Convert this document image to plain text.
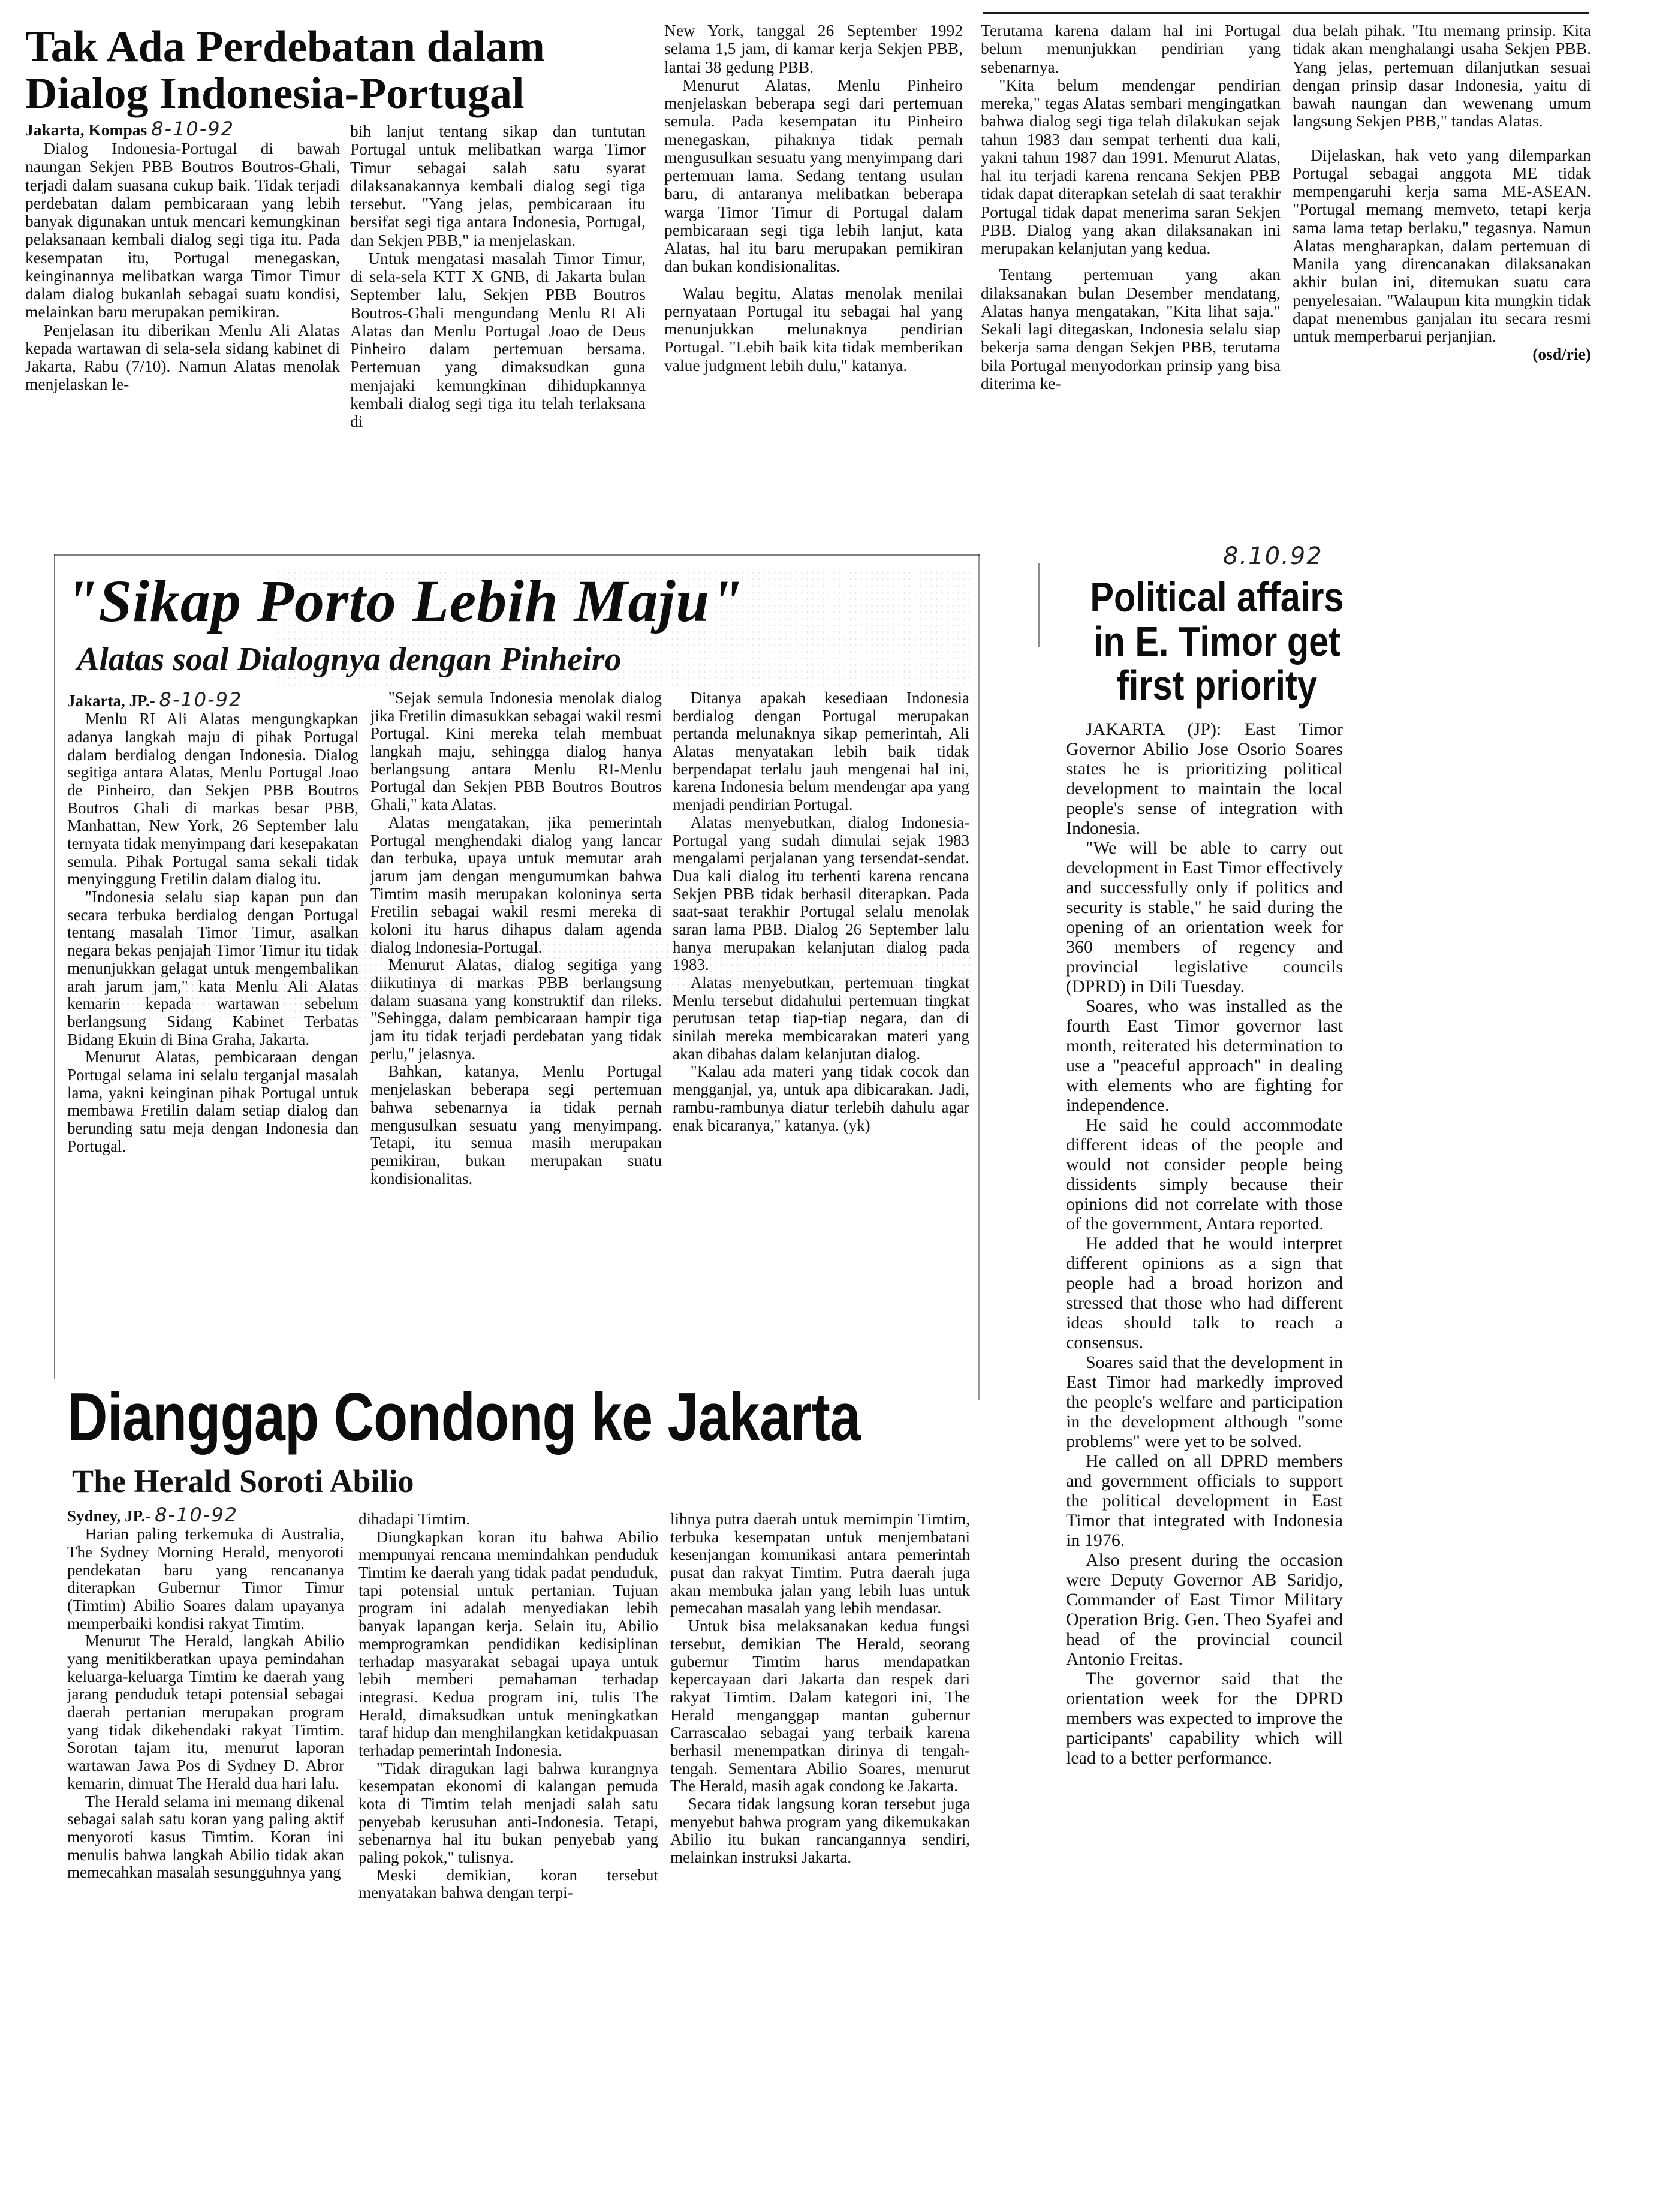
Tak Ada Perdebatan dalam
Dialog Indonesia-Portugal

Jakarta, Kompas 8-10-92

Dialog Indonesia-Portugal di bawah naungan Sekjen PBB Boutros Boutros-Ghali, terjadi dalam suasana cukup baik. Tidak terjadi perdebatan dalam pembicaraan yang lebih banyak digunakan untuk mencari kemungkinan pelaksanaan kembali dialog segi tiga itu. Pada kesempatan itu, Portugal menegaskan, keinginannya melibatkan warga Timor Timur dalam dialog bukanlah sebagai suatu kondisi, melainkan baru merupakan pemikiran.

Penjelasan itu diberikan Menlu Ali Alatas kepada wartawan di sela-sela sidang kabinet di Jakarta, Rabu (7/10). Namun Alatas menolak menjelaskan le-

bih lanjut tentang sikap dan tuntutan Portugal untuk melibatkan warga Timor Timur sebagai salah satu syarat dilaksanakannya kembali dialog segi tiga tersebut. "Yang jelas, pembicaraan itu bersifat segi tiga antara Indonesia, Portugal, dan Sekjen PBB," ia menjelaskan.

Untuk mengatasi masalah Timor Timur, di sela-sela KTT X GNB, di Jakarta bulan September lalu, Sekjen PBB Boutros Boutros-Ghali mengundang Menlu RI Ali Alatas dan Menlu Portugal Joao de Deus Pinheiro dalam pertemuan bersama. Pertemuan yang dimaksudkan guna menjajaki kemungkinan dihidupkannya kembali dialog segi tiga itu telah terlaksana di

New York, tanggal 26 September 1992 selama 1,5 jam, di kamar kerja Sekjen PBB, lantai 38 gedung PBB.

Menurut Alatas, Menlu Pinheiro menjelaskan beberapa segi dari pertemuan semula. Pada kesempatan itu Pinheiro menegaskan, pihaknya tidak pernah mengusulkan sesuatu yang menyimpang dari pertemuan lama. Sedang tentang usulan baru, di antaranya melibatkan beberapa warga Timor Timur di Portugal dalam pembicaraan segi tiga lebih lanjut, kata Alatas, hal itu baru merupakan pemikiran dan bukan kondisionalitas.

Walau begitu, Alatas menolak menilai pernyataan Portugal itu sebagai hal yang menunjukkan melunaknya pendirian Portugal. "Lebih baik kita tidak memberikan value judgment lebih dulu," katanya.

Terutama karena dalam hal ini Portugal belum menunjukkan pendirian yang sebenarnya.

"Kita belum mendengar pendirian mereka," tegas Alatas sembari mengingatkan bahwa dialog segi tiga telah dilakukan sejak tahun 1983 dan sempat terhenti dua kali, yakni tahun 1987 dan 1991. Menurut Alatas, hal itu terjadi karena rencana Sekjen PBB tidak dapat diterapkan setelah di saat terakhir Portugal tidak dapat menerima saran Sekjen PBB. Dialog yang akan dilaksanakan ini merupakan kelanjutan yang kedua.

Tentang pertemuan yang akan dilaksanakan bulan Desember mendatang, Alatas hanya mengatakan, "Kita lihat saja." Sekali lagi ditegaskan, Indonesia selalu siap bekerja sama dengan Sekjen PBB, terutama bila Portugal menyodorkan prinsip yang bisa diterima ke-

dua belah pihak. "Itu memang prinsip. Kita tidak akan menghalangi usaha Sekjen PBB. Yang jelas, pertemuan dilanjutkan sesuai dengan prinsip dasar Indonesia, yaitu di bawah naungan dan wewenang umum langsung Sekjen PBB," tandas Alatas.

Dijelaskan, hak veto yang dilemparkan Portugal sebagai anggota ME tidak mempengaruhi kerja sama ME-ASEAN. "Portugal memang memveto, tetapi kerja sama lama tetap berlaku," tegasnya. Namun Alatas mengharapkan, dalam pertemuan di Manila yang direncanakan dilaksanakan akhir bulan ini, ditemukan suatu cara penyelesaian. "Walaupun kita mungkin tidak dapat menembus ganjalan itu secara resmi untuk memperbarui perjanjian.

(osd/rie)
"Sikap Porto Lebih Maju"
Alatas soal Dialognya dengan Pinheiro

Jakarta, JP.- 8-10-92

Menlu RI Ali Alatas mengungkapkan adanya langkah maju di pihak Portugal dalam berdialog dengan Indonesia. Dialog segitiga antara Alatas, Menlu Portugal Joao de Pinheiro, dan Sekjen PBB Boutros Boutros Ghali di markas besar PBB, Manhattan, New York, 26 September lalu ternyata tidak menyimpang dari kesepakatan semula. Pihak Portugal sama sekali tidak menyinggung Fretilin dalam dialog itu.

"Indonesia selalu siap kapan pun dan secara terbuka berdialog dengan Portugal tentang masalah Timor Timur, asalkan negara bekas penjajah Timor Timur itu tidak menunjukkan gelagat untuk mengembalikan arah jarum jam," kata Menlu Ali Alatas kemarin kepada wartawan sebelum berlangsung Sidang Kabinet Terbatas Bidang Ekuin di Bina Graha, Jakarta.

Menurut Alatas, pembicaraan dengan Portugal selama ini selalu terganjal masalah lama, yakni keinginan pihak Portugal untuk membawa Fretilin dalam setiap dialog dan berunding satu meja dengan Indonesia dan Portugal.

"Sejak semula Indonesia menolak dialog jika Fretilin dimasukkan sebagai wakil resmi Portugal. Kini mereka telah membuat langkah maju, sehingga dialog hanya berlangsung antara Menlu RI-Menlu Portugal dan Sekjen PBB Boutros Boutros Ghali," kata Alatas.

Alatas mengatakan, jika pemerintah Portugal menghendaki dialog yang lancar dan terbuka, upaya untuk memutar arah jarum jam dengan mengumumkan bahwa Timtim masih merupakan koloninya serta Fretilin sebagai wakil resmi mereka di koloni itu harus dihapus dalam agenda dialog Indonesia-Portugal.

Menurut Alatas, dialog segitiga yang diikutinya di markas PBB berlangsung dalam suasana yang konstruktif dan rileks. "Sehingga, dalam pembicaraan hampir tiga jam itu tidak terjadi perdebatan yang tidak perlu," jelasnya.

Bahkan, katanya, Menlu Portugal menjelaskan beberapa segi pertemuan bahwa sebenarnya ia tidak pernah mengusulkan sesuatu yang menyimpang. Tetapi, itu semua masih merupakan pemikiran, bukan merupakan suatu kondisionalitas.

Ditanya apakah kesediaan Indonesia berdialog dengan Portugal merupakan pertanda melunaknya sikap pemerintah, Ali Alatas menyatakan lebih baik tidak berpendapat terlalu jauh mengenai hal ini, karena Indonesia belum mendengar apa yang menjadi pendirian Portugal.

Alatas menyebutkan, dialog Indonesia-Portugal yang sudah dimulai sejak 1983 mengalami perjalanan yang tersendat-sendat. Dua kali dialog itu terhenti karena rencana Sekjen PBB tidak berhasil diterapkan. Pada saat-saat terakhir Portugal selalu menolak saran lama PBB. Dialog 26 September lalu hanya merupakan kelanjutan dialog pada 1983.

Alatas menyebutkan, pertemuan tingkat Menlu tersebut didahului pertemuan tingkat perutusan tetap tiap-tiap negara, dan di sinilah mereka membicarakan materi yang akan dibahas dalam kelanjutan dialog.

"Kalau ada materi yang tidak cocok dan mengganjal, ya, untuk apa dibicarakan. Jadi, rambu-rambunya diatur terlebih dahulu agar enak bicaranya," katanya. (yk)

Dianggap Condong ke Jakarta
The Herald Soroti Abilio

Sydney, JP.- 8-10-92

Harian paling terkemuka di Australia, The Sydney Morning Herald, menyoroti pendekatan baru yang rencananya diterapkan Gubernur Timor Timur (Timtim) Abilio Soares dalam upayanya memperbaiki kondisi rakyat Timtim.

Menurut The Herald, langkah Abilio yang menitikberatkan upaya pemindahan keluarga-keluarga Timtim ke daerah yang jarang penduduk tetapi potensial sebagai daerah pertanian merupakan program yang tidak dikehendaki rakyat Timtim. Sorotan tajam itu, menurut laporan wartawan Jawa Pos di Sydney D. Abror kemarin, dimuat The Herald dua hari lalu.

The Herald selama ini memang dikenal sebagai salah satu koran yang paling aktif menyoroti kasus Timtim. Koran ini menulis bahwa langkah Abilio tidak akan memecahkan masalah sesungguhnya yang

dihadapi Timtim.

Diungkapkan koran itu bahwa Abilio mempunyai rencana memindahkan penduduk Timtim ke daerah yang tidak padat penduduk, tapi potensial untuk pertanian. Tujuan program ini adalah menyediakan lebih banyak lapangan kerja. Selain itu, Abilio memprogramkan pendidikan kedisiplinan terhadap masyarakat sebagai upaya untuk lebih memberi pemahaman terhadap integrasi. Kedua program ini, tulis The Herald, dimaksudkan untuk meningkatkan taraf hidup dan menghilangkan ketidakpuasan terhadap pemerintah Indonesia.

"Tidak diragukan lagi bahwa kurangnya kesempatan ekonomi di kalangan pemuda kota di Timtim telah menjadi salah satu penyebab kerusuhan anti-Indonesia. Tetapi, sebenarnya hal itu bukan penyebab yang paling pokok," tulisnya.

Meski demikian, koran tersebut menyatakan bahwa dengan terpi-

lihnya putra daerah untuk memimpin Timtim, terbuka kesempatan untuk menjembatani kesenjangan komunikasi antara pemerintah pusat dan rakyat Timtim. Putra daerah juga akan membuka jalan yang lebih luas untuk pemecahan masalah yang lebih mendasar.

Untuk bisa melaksanakan kedua fungsi tersebut, demikian The Herald, seorang gubernur Timtim harus mendapatkan kepercayaan dari Jakarta dan respek dari rakyat Timtim. Dalam kategori ini, The Herald menganggap mantan gubernur Carrascalao sebagai yang terbaik karena berhasil menempatkan dirinya di tengah-tengah. Sementara Abilio Soares, menurut The Herald, masih agak condong ke Jakarta.

Secara tidak langsung koran tersebut juga menyebut bahwa program yang dikemukakan Abilio itu bukan rancangannya sendiri, melainkan instruksi Jakarta.

8.10.92
Political affairs
in E. Timor get
first priority

JAKARTA (JP): East Timor Governor Abilio Jose Osorio Soares states he is prioritizing political development to maintain the local people's sense of integration with Indonesia.

"We will be able to carry out development in East Timor effectively and successfully only if politics and security is stable," he said during the opening of an orientation week for 360 members of regency and provincial legislative councils (DPRD) in Dili Tuesday.

Soares, who was installed as the fourth East Timor governor last month, reiterated his determination to use a "peaceful approach" in dealing with elements who are fighting for independence.

He said he could accommodate different ideas of the people and would not consider people being dissidents simply because their opinions did not correlate with those of the government, Antara reported.

He added that he would interpret different opinions as a sign that people had a broad horizon and stressed that those who had different ideas should talk to reach a consensus.

Soares said that the development in East Timor had markedly improved the people's welfare and participation in the development although "some problems" were yet to be solved.

He called on all DPRD members and government officials to support the political development in East Timor that integrated with Indonesia in 1976.

Also present during the occasion were Deputy Governor AB Saridjo, Commander of East Timor Military Operation Brig. Gen. Theo Syafei and head of the provincial council Antonio Freitas.

The governor said that the orientation week for the DPRD members was expected to improve the participants' capability which will lead to a better performance.
